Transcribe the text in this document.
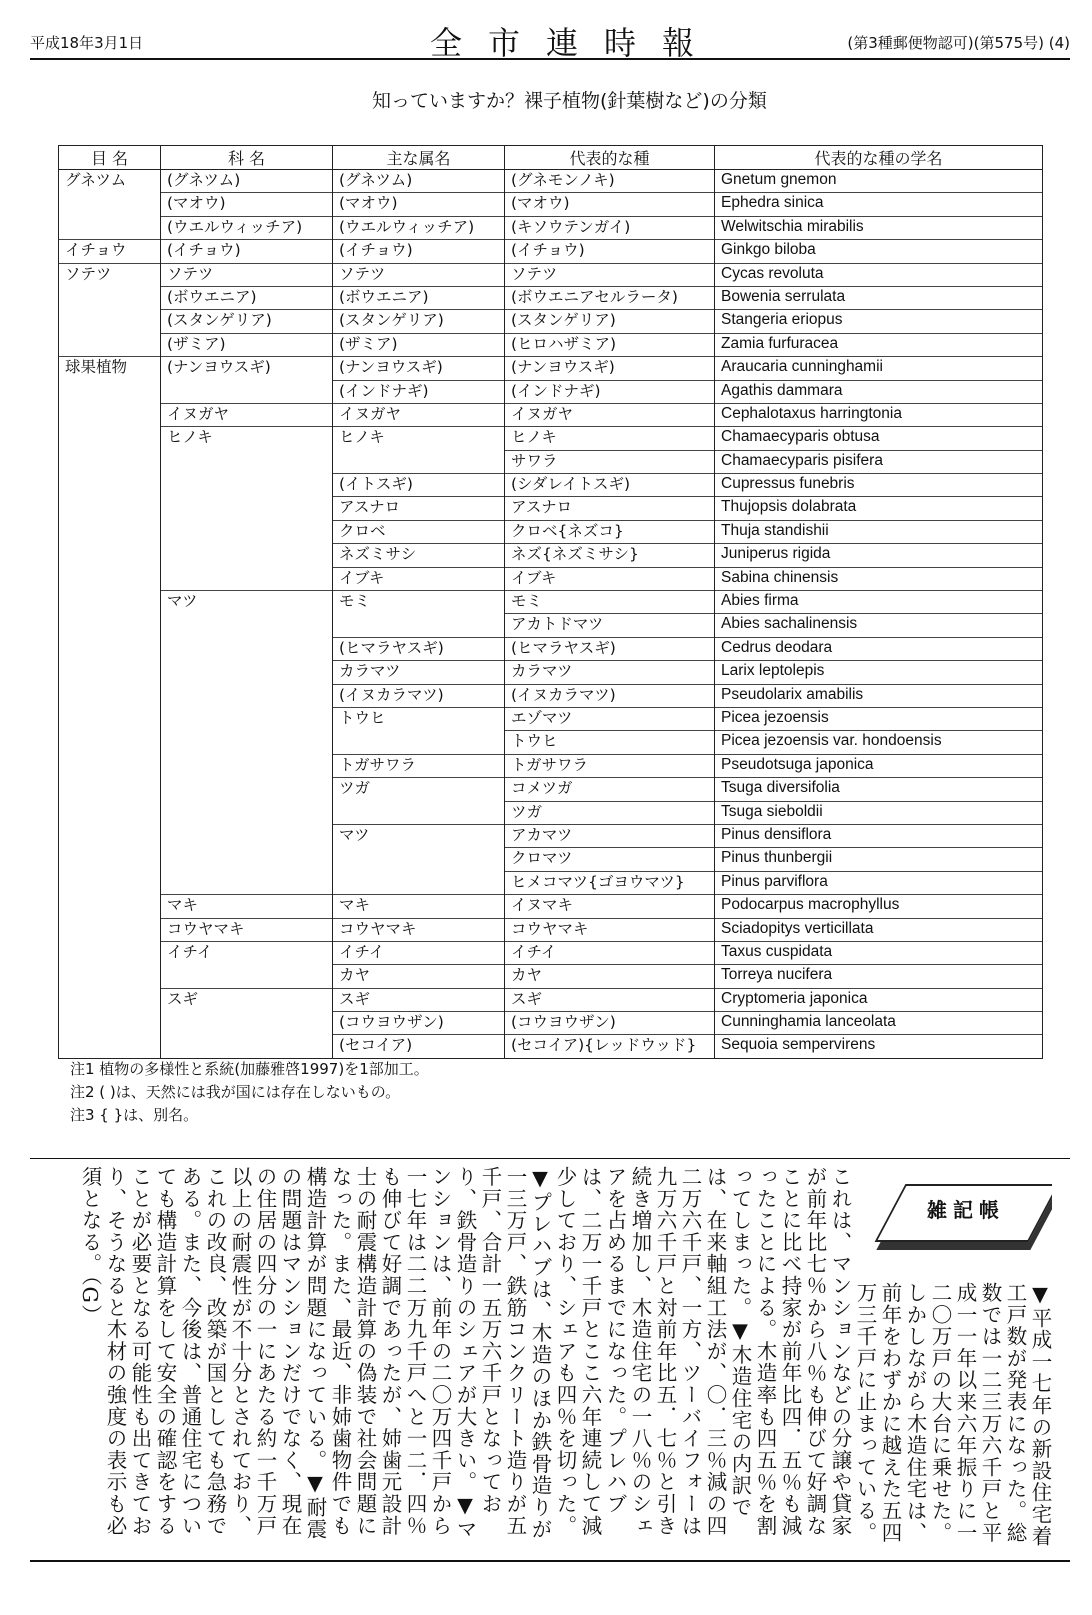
平成18年3月1日	全市連時報	(第3種郵便物認可)(第575号) (4)
知っていますか？裸子植物(針葉樹など)の分類
目 名	科 名	主な属名	代表的な種	代表的な種の学名
グネツム	(グネツム)	(グネツム)	(グネモンノキ)	Gnetum gnemon
	(マオウ)	(マオウ)	(マオウ)	Ephedra sinica
	(ウエルウィッチア)	(ウエルウィッチア)	(キソウテンガイ)	Welwitschia mirabilis
イチョウ	(イチョウ)	(イチョウ)	(イチョウ)	Ginkgo biloba
ソテツ	ソテツ	ソテツ	ソテツ	Cycas revoluta
	(ボウエニア)	(ボウエニア)	(ボウエニアセルラータ)	Bowenia serrulata
	(スタンゲリア)	(スタンゲリア)	(スタンゲリア)	Stangeria eriopus
	(ザミア)	(ザミア)	(ヒロハザミア)	Zamia furfuracea
球果植物	(ナンヨウスギ)	(ナンヨウスギ)	(ナンヨウスギ)	Araucaria cunninghamii
		(インドナギ)	(インドナギ)	Agathis dammara
	イヌガヤ	イヌガヤ	イヌガヤ	Cephalotaxus harringtonia
	ヒノキ	ヒノキ	ヒノキ	Chamaecyparis obtusa
			サワラ	Chamaecyparis pisifera
		(イトスギ)	(シダレイトスギ)	Cupressus funebris
		アスナロ	アスナロ	Thujopsis dolabrata
		クロベ	クロベ{ネズコ}	Thuja standishii
		ネズミサシ	ネズ{ネズミサシ}	Juniperus rigida
		イブキ	イブキ	Sabina chinensis
	マツ	モミ	モミ	Abies firma
			アカトドマツ	Abies sachalinensis
		(ヒマラヤスギ)	(ヒマラヤスギ)	Cedrus deodara
		カラマツ	カラマツ	Larix leptolepis
		(イヌカラマツ)	(イヌカラマツ)	Pseudolarix amabilis
		トウヒ	エゾマツ	Picea jezoensis
			トウヒ	Picea jezoensis var. hondoensis
		トガサワラ	トガサワラ	Pseudotsuga japonica
		ツガ	コメツガ	Tsuga diversifolia
			ツガ	Tsuga sieboldii
		マツ	アカマツ	Pinus densiflora
			クロマツ	Pinus thunbergii
			ヒメコマツ{ゴヨウマツ}	Pinus parviflora
	マキ	マキ	イヌマキ	Podocarpus macrophyllus
	コウヤマキ	コウヤマキ	コウヤマキ	Sciadopitys verticillata
	イチイ	イチイ	イチイ	Taxus cuspidata
		カヤ	カヤ	Torreya nucifera
	スギ	スギ	スギ	Cryptomeria japonica
		(コウヨウザン)	(コウヨウザン)	Cunninghamia lanceolata
		(セコイア)	(セコイア){レッドウッド}	Sequoia sempervirens
注1 植物の多様性と系統(加藤雅啓1997)を1部加工。
注2 ( )は、天然には我が国には存在しないもの。
注3 { }は、別名。
雑記帳
▼平成一七年の新設住宅着工戸数が発表になった。総数では一二三万六千戸と平成一一年以来六年振りに一二〇万戸の大台に乗せた。しかしながら木造住宅は、前年をわずかに越えた五四万三千戸に止まっている。これは、マンションなどの分譲や貸家が前年比七％から八％も伸びて好調なことに比べ持家が前年比四．五％も減ったことによる。木造率も四五％を割ってしまった。▼木造住宅の内訳では、在来軸組工法が、〇．三％減の四二万六千戸、一方、ツーバイフォーは九万六千戸と対前年比五．七％と引き続き増加し、木造住宅の一八％のシェアを占めるまでになった。プレハブは、二万一千戸とここ六年連続して減少しており、シェアも四％を切った。▼プレハブは、木造のほか鉄骨造りが一三万戸、鉄筋コンクリート造りが五千戸、合計一五万六千戸となっており、鉄骨造りのシェアが大きい。▼マンションは、前年の二〇万四千戸から一七年は二二万九千戸へと一二．四％も伸びて好調であったが、姉歯元設計士の耐震構造計算の偽装で社会問題になった。また、最近、非姉歯物件でも構造計算が問題になっている。▼耐震の問題はマンションだけでなく、現在の住居の四分の一にあたる約一千万戸以上の耐震性が不十分とされており、これの改良、改築が国としても急務である。また、今後は、普通住宅についても構造計算をして安全の確認をすることが必要となる可能性も出てきており、そうなると木材の強度の表示も必須となる。（G）
